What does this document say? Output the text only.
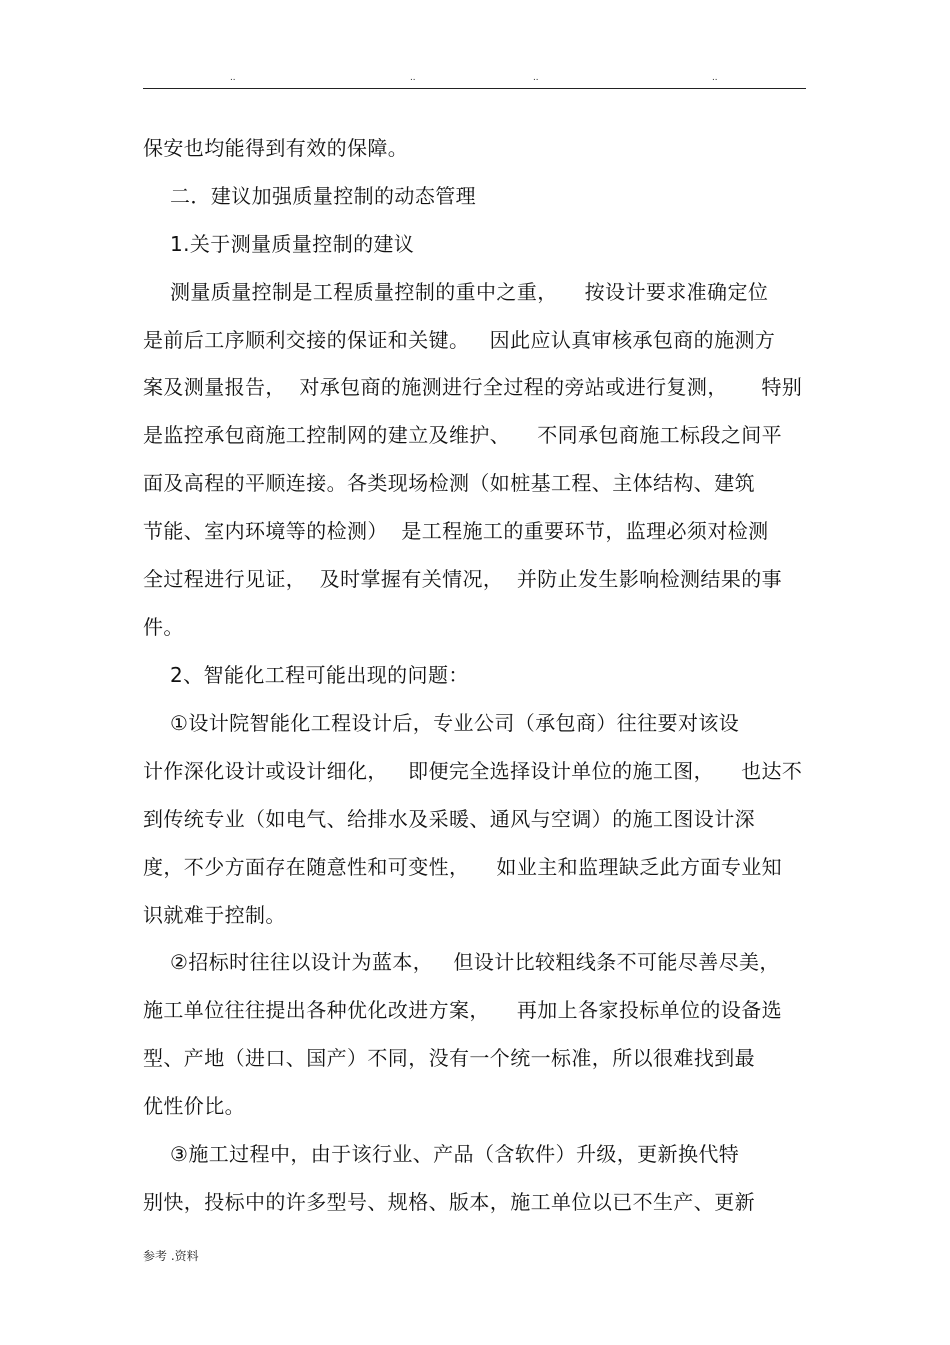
..	..	..	..
保安也均能得到有效的保障。
二．建议加强质量控制的动态管理
1.关于测量质量控制的建议
测量质量控制是工程质量控制的重中之重，    按设计要求准确定位
是前后工序顺利交接的保证和关键。   因此应认真审核承包商的施测方
案及测量报告，  对承包商的施测进行全过程的旁站或进行复测，     特别
是监控承包商施工控制网的建立及维护、    不同承包商施工标段之间平
面及高程的平顺连接。各类现场检测（如桩基工程、主体结构、建筑
节能、室内环境等的检测）  是工程施工的重要环节，监理必须对检测
全过程进行见证，  及时掌握有关情况，  并防止发生影响检测结果的事
件。
2、智能化工程可能出现的问题：
①设计院智能化工程设计后，专业公司（承包商）往往要对该设
计作深化设计或设计细化，   即便完全选择设计单位的施工图，    也达不
到传统专业（如电气、给排水及采暖、通风与空调）的施工图设计深
度，不少方面存在随意性和可变性，    如业主和监理缺乏此方面专业知
识就难于控制。
②招标时往往以设计为蓝本，   但设计比较粗线条不可能尽善尽美，
施工单位往往提出各种优化改进方案，    再加上各家投标单位的设备选
型、产地（进口、国产）不同，没有一个统一标准，所以很难找到最
优性价比。
③施工过程中，由于该行业、产品（含软件）升级，更新换代特
别快，投标中的许多型号、规格、版本，施工单位以已不生产、更新
参考 .资料
